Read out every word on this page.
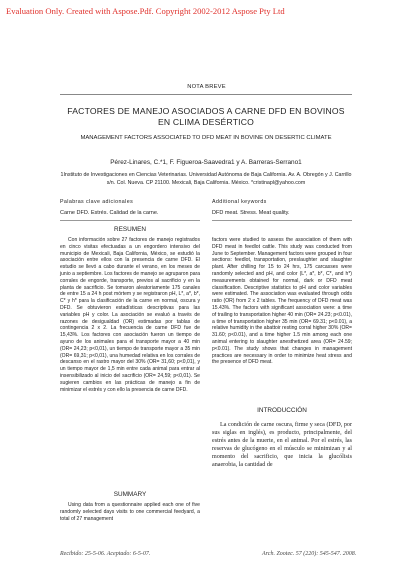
Evaluation Only. Created with Aspose.Pdf. Copyright 2002-2012 Aspose Pty Ltd
NOTA BREVE
FACTORES DE MANEJO ASOCIADOS A CARNE DFD EN BOVINOS EN CLIMA DESÉRTICO
MANAGEMENT FACTORS ASSOCIATED TO DFD MEAT IN BOVINE ON DESERTIC CLIMATE
Pérez-Linares, C.*1, F. Figueroa-Saavedra1 y A. Barreras-Serrano1
1Instituto de Investigaciones en Ciencias Veterinarias. Universidad Autónoma de Baja California. Av. A. Obregón y J. Carrillo s/n. Col. Nueva. CP 21100. Mexicali, Baja California. México. *cristinapl@yahoo.com
Palabras clave adicionales	Additional keywords
Carne DFD. Estrés. Calidad de la carne.	DFD meat. Stress. Meat quality.
RESUMEN

Con información sobre 27 factores de manejo registrados en cinco visitas efectuadas a un engordero intensivo del municipio de Mexicali, Baja California, México, se estudió la asociación entre ellos con la presencia de carne DFD. El estudio se llevó a cabo durante el verano, en los meses de junio a septiembre. Los factores de manejo se agruparon para corrales de engorde, transporte, previos al sacrificio y en la planta de sacrificio. Se tomaron aleatoriamente 175 canales de entre 15 a 24 h post mórtem y se registraron pH, L*, a*, b*, C* y h* para la clasificación de la carne en normal, oscura y DFD. Se obtuvieron estadísticas descriptivas para las variables pH y color. La asociación se evaluó a través de razones de desigualdad (OR) estimadas por tablas de contingencia 2 x 2. La frecuencia de carne DFD fue de 15,43%. Los factores con asociación fueron un tiempo de ayuno de los animales para el transporte mayor a 40 min (OR= 24,23; p<0,01), un tiempo de transporte mayor a 35 min (OR= 69,31; p<0,01), una humedad relativa en los corrales de descanso en el rastro mayor del 30% (OR= 31,60; p<0,01), y un tiempo mayor de 1,5 min entre cada animal para entrar al insensibilizado al inicio del sacrificio (OR= 24,59; p<0,01). Se sugieren cambios en las prácticas de manejo a fin de minimizar el estrés y con ello la presencia de carne DFD.

SUMMARY

Using data from a questionnaire applied each one of five randomly selected days visits to one commercial feedyard, a total of 27 management

factors were studied to assess the association of them with DFD meat in feedlot cattle. This study was conducted from June to September. Management factors were grouped in four sections: feedlot, transportation, preslaughter and slaughter plant. After chilling for 15 to 24 hrs, 175 carcasses were randomly selected and pH, and color (L*, a*, b*, C*, and h*) measurements obtained for normal, dark or DFD meat classification. Descriptive statistics to pH and color variables were estimated. The association was evaluated through odds ratio (OR) from 2 x 2 tables. The frequency of DFD meat was 15.43%. The factors with significant association were: a time of trailing to transportation higher 40 min (OR= 24.23; p<0.01), a time of transportation higher 35 min (OR= 69.31; p<0.01), a relative humidity in the abattoir resting corral higher 30% (OR= 31.60; p<0.01), and a time higher 1.5 min among each one animal entering to slaughter anesthetized area (OR= 24.59; p<0.01). The study shows that changes in management practices are necessary in order to minimize heat stress and the presence of DFD meat.

INTRODUCCIÓN
La condición de carne oscura, firme y seca (DFD, por sus siglas en inglés), es producto, principalmente, del estrés antes de la muerte, en el animal. Por el estrés, las reservas de glucógeno en el músculo se minimizan y al momento del sacrificio, que inicia la glucólisis anaerobia, la cantidad de
Recibido: 25-5-06. Aceptado: 6-5-07.	Arch. Zootec. 57 (220): 545-547. 2008.
